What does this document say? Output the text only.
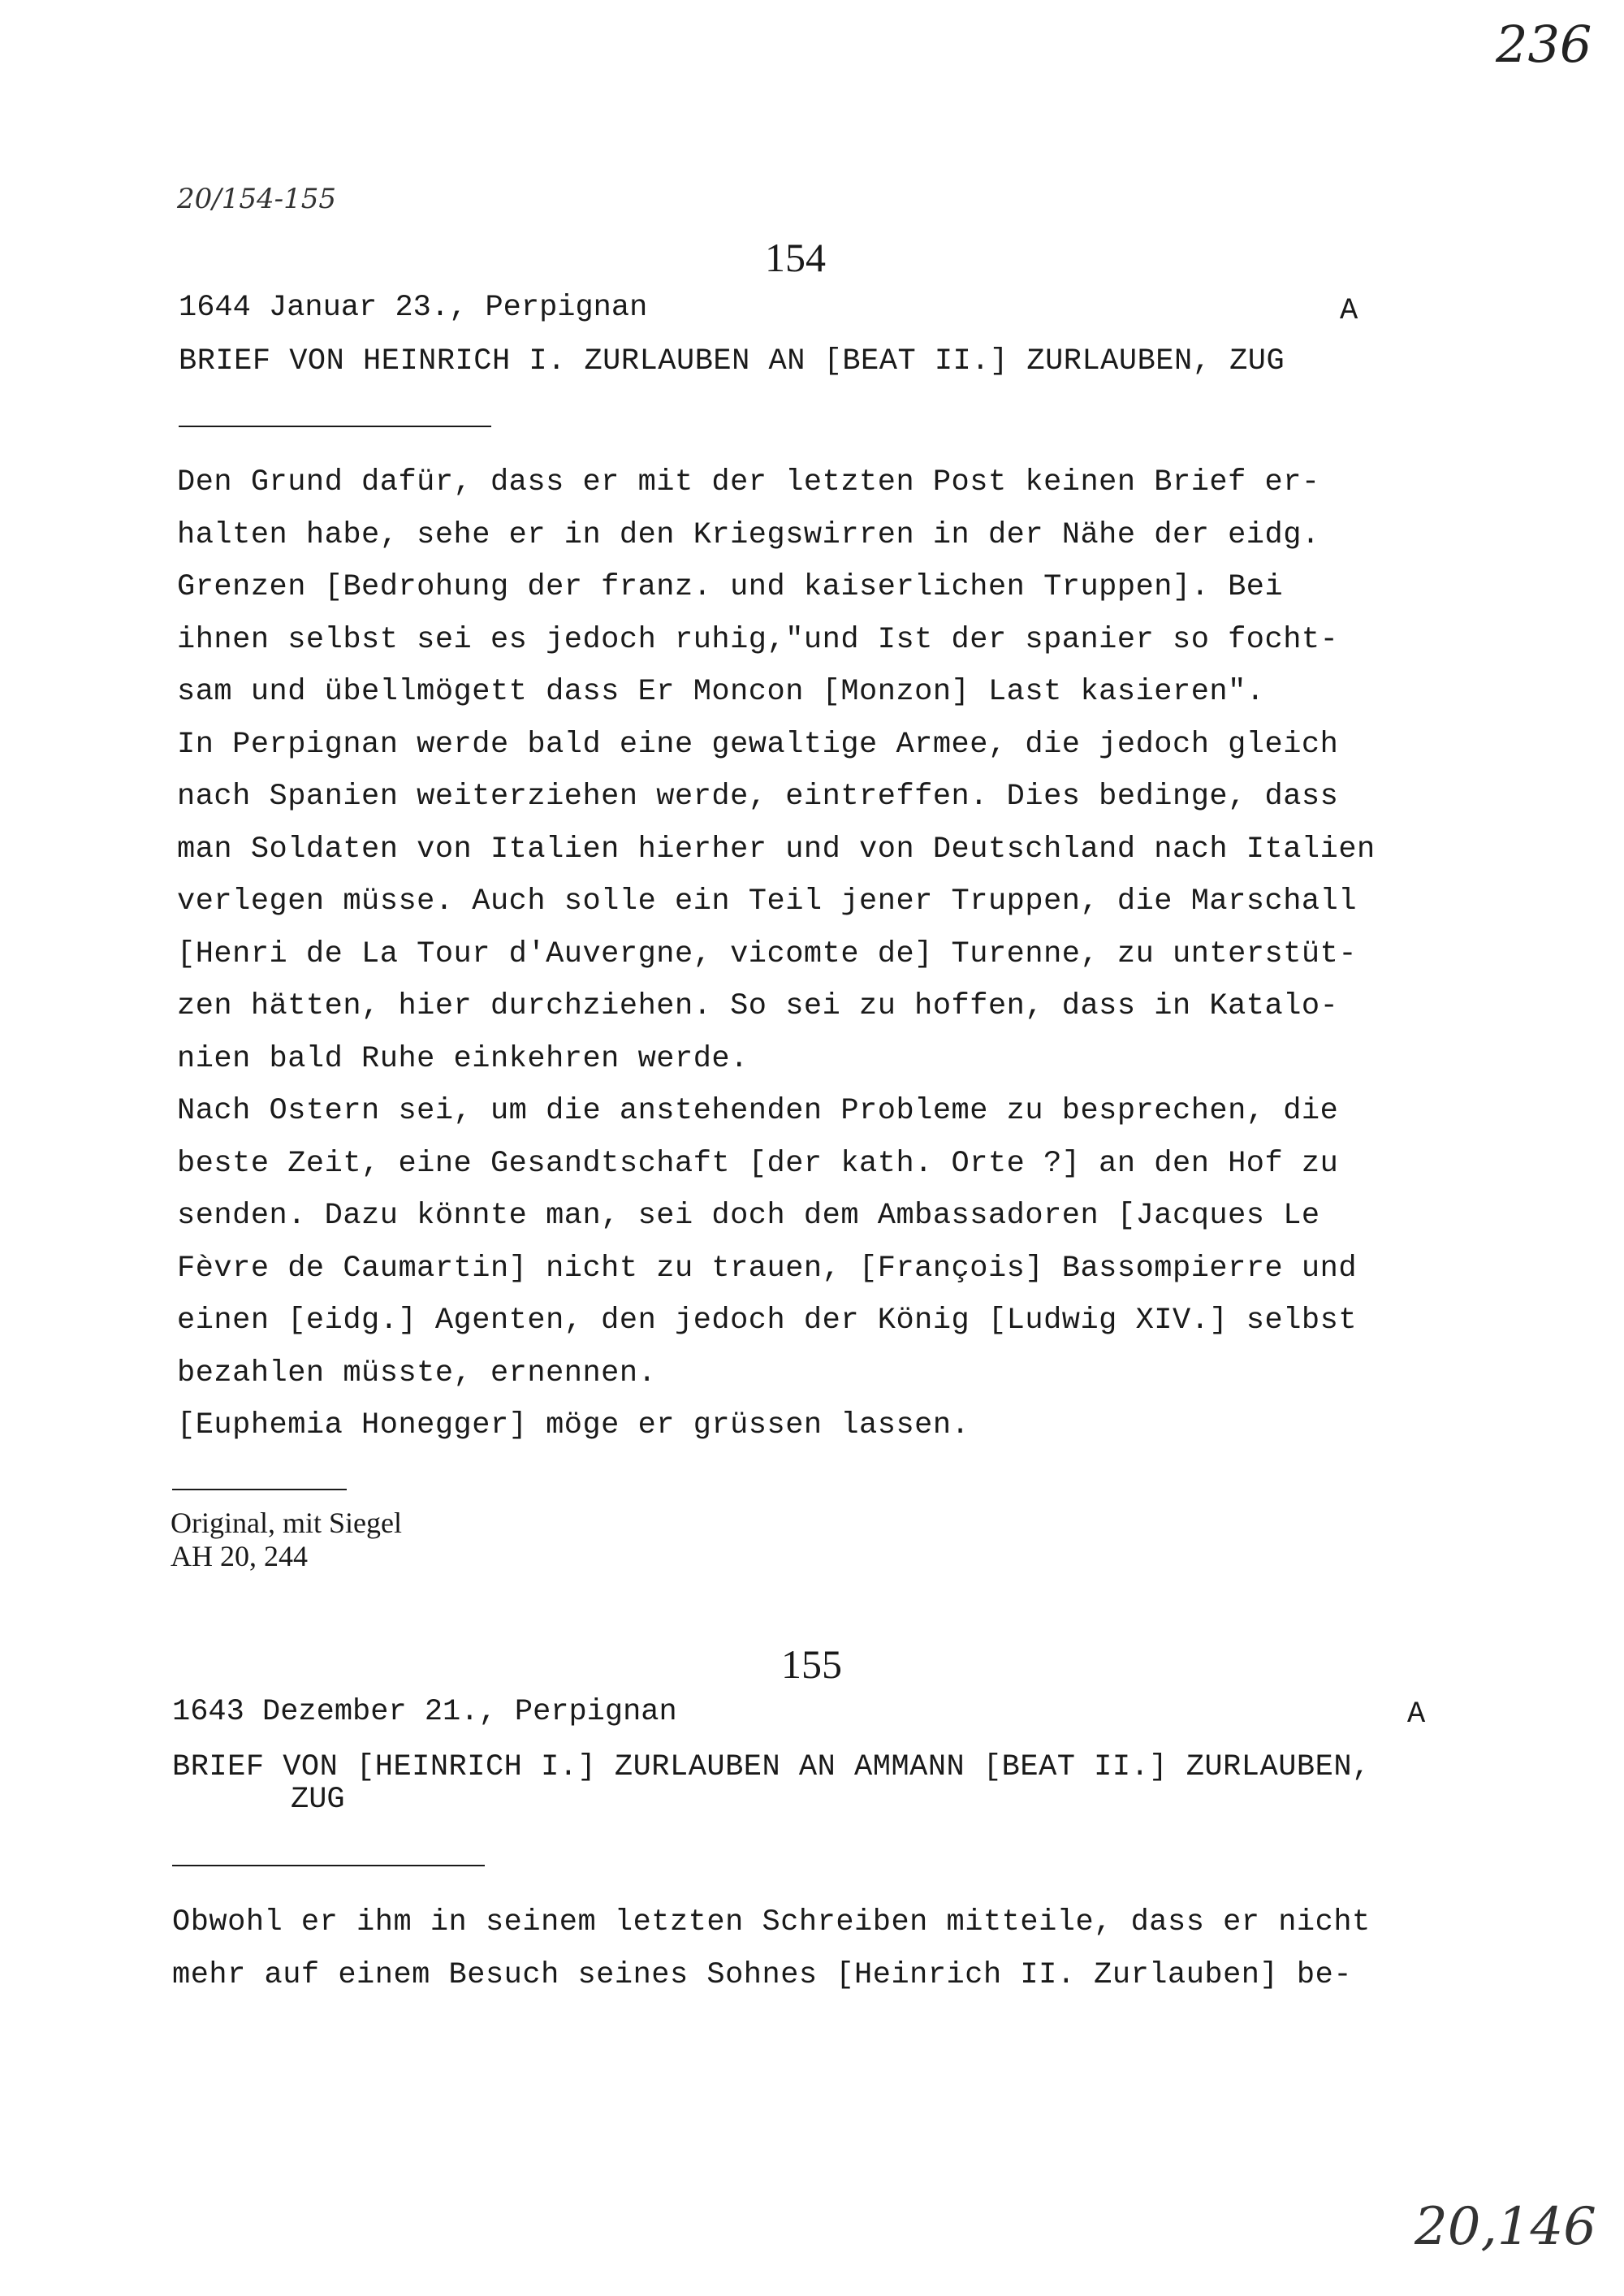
236
20/154-155
154
1644 Januar 23., Perpignan	A
BRIEF VON HEINRICH I. ZURLAUBEN AN [BEAT II.] ZURLAUBEN, ZUG
Den Grund dafür, dass er mit der letzten Post keinen Brief er-
halten habe, sehe er in den Kriegswirren in der Nähe der eidg.
Grenzen [Bedrohung der franz. und kaiserlichen Truppen]. Bei
ihnen selbst sei es jedoch ruhig,"und Ist der spanier so focht-
sam und übellmögett dass Er Moncon [Monzon] Last kasieren".
In Perpignan werde bald eine gewaltige Armee, die jedoch gleich
nach Spanien weiterziehen werde, eintreffen. Dies bedinge, dass
man Soldaten von Italien hierher und von Deutschland nach Italien
verlegen müsse. Auch solle ein Teil jener Truppen, die Marschall
[Henri de La Tour d'Auvergne, vicomte de] Turenne, zu unterstüt-
zen hätten, hier durchziehen. So sei zu hoffen, dass in Katalo-
nien bald Ruhe einkehren werde.
Nach Ostern sei, um die anstehenden Probleme zu besprechen, die
beste Zeit, eine Gesandtschaft [der kath. Orte ?] an den Hof zu
senden. Dazu könnte man, sei doch dem Ambassadoren [Jacques Le
Fèvre de Caumartin] nicht zu trauen, [François] Bassompierre und
einen [eidg.] Agenten, den jedoch der König [Ludwig XIV.] selbst
bezahlen müsste, ernennen.
[Euphemia Honegger] möge er grüssen lassen.
Original, mit Siegel
AH 20, 244
155
1643 Dezember 21., Perpignan	A
BRIEF VON [HEINRICH I.] ZURLAUBEN AN AMMANN [BEAT II.] ZURLAUBEN,
ZUG
Obwohl er ihm in seinem letzten Schreiben mitteile, dass er nicht
mehr auf einem Besuch seines Sohnes [Heinrich II. Zurlauben] be-
20,146
